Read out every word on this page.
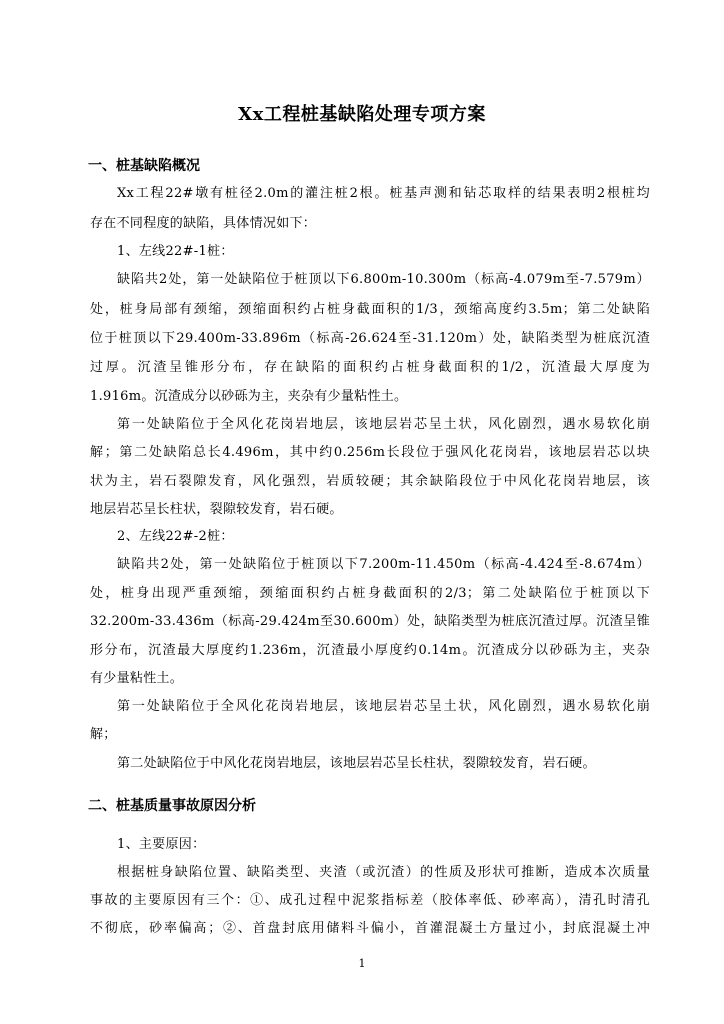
Xx工程桩基缺陷处理专项方案
一、桩基缺陷概况
Xx工程22#墩有桩径2.0m的灌注桩2根。桩基声测和钻芯取样的结果表明2根桩均
存在不同程度的缺陷，具体情况如下：
1、左线22#-1桩：
缺陷共2处，第一处缺陷位于桩顶以下6.800m-10.300m（标高-4.079m至-7.579m）
处，桩身局部有颈缩，颈缩面积约占桩身截面积的1/3，颈缩高度约3.5m；第二处缺陷
位于桩顶以下29.400m-33.896m（标高-26.624至-31.120m）处，缺陷类型为桩底沉渣
过厚。沉渣呈锥形分布，存在缺陷的面积约占桩身截面积的1/2，沉渣最大厚度为
1.916m。沉渣成分以砂砾为主，夹杂有少量粘性土。
第一处缺陷位于全风化花岗岩地层，该地层岩芯呈土状，风化剧烈，遇水易软化崩
解；第二处缺陷总长4.496m，其中约0.256m长段位于强风化花岗岩，该地层岩芯以块
状为主，岩石裂隙发育，风化强烈，岩质较硬；其余缺陷段位于中风化花岗岩地层，该
地层岩芯呈长柱状，裂隙较发育，岩石硬。
2、左线22#-2桩：
缺陷共2处，第一处缺陷位于桩顶以下7.200m-11.450m（标高-4.424至-8.674m）
处，桩身出现严重颈缩，颈缩面积约占桩身截面积的2/3；第二处缺陷位于桩顶以下
32.200m-33.436m（标高-29.424m至30.600m）处，缺陷类型为桩底沉渣过厚。沉渣呈锥
形分布，沉渣最大厚度约1.236m，沉渣最小厚度约0.14m。沉渣成分以砂砾为主，夹杂
有少量粘性土。
第一处缺陷位于全风化花岗岩地层，该地层岩芯呈土状，风化剧烈，遇水易软化崩
解；
第二处缺陷位于中风化花岗岩地层，该地层岩芯呈长柱状，裂隙较发育，岩石硬。
二、桩基质量事故原因分析
1、主要原因：
根据桩身缺陷位置、缺陷类型、夹渣（或沉渣）的性质及形状可推断，造成本次质量
事故的主要原因有三个：①、成孔过程中泥浆指标差（胶体率低、砂率高），清孔时清孔
不彻底，砂率偏高；②、首盘封底用储料斗偏小，首灌混凝土方量过小，封底混凝土冲
1
